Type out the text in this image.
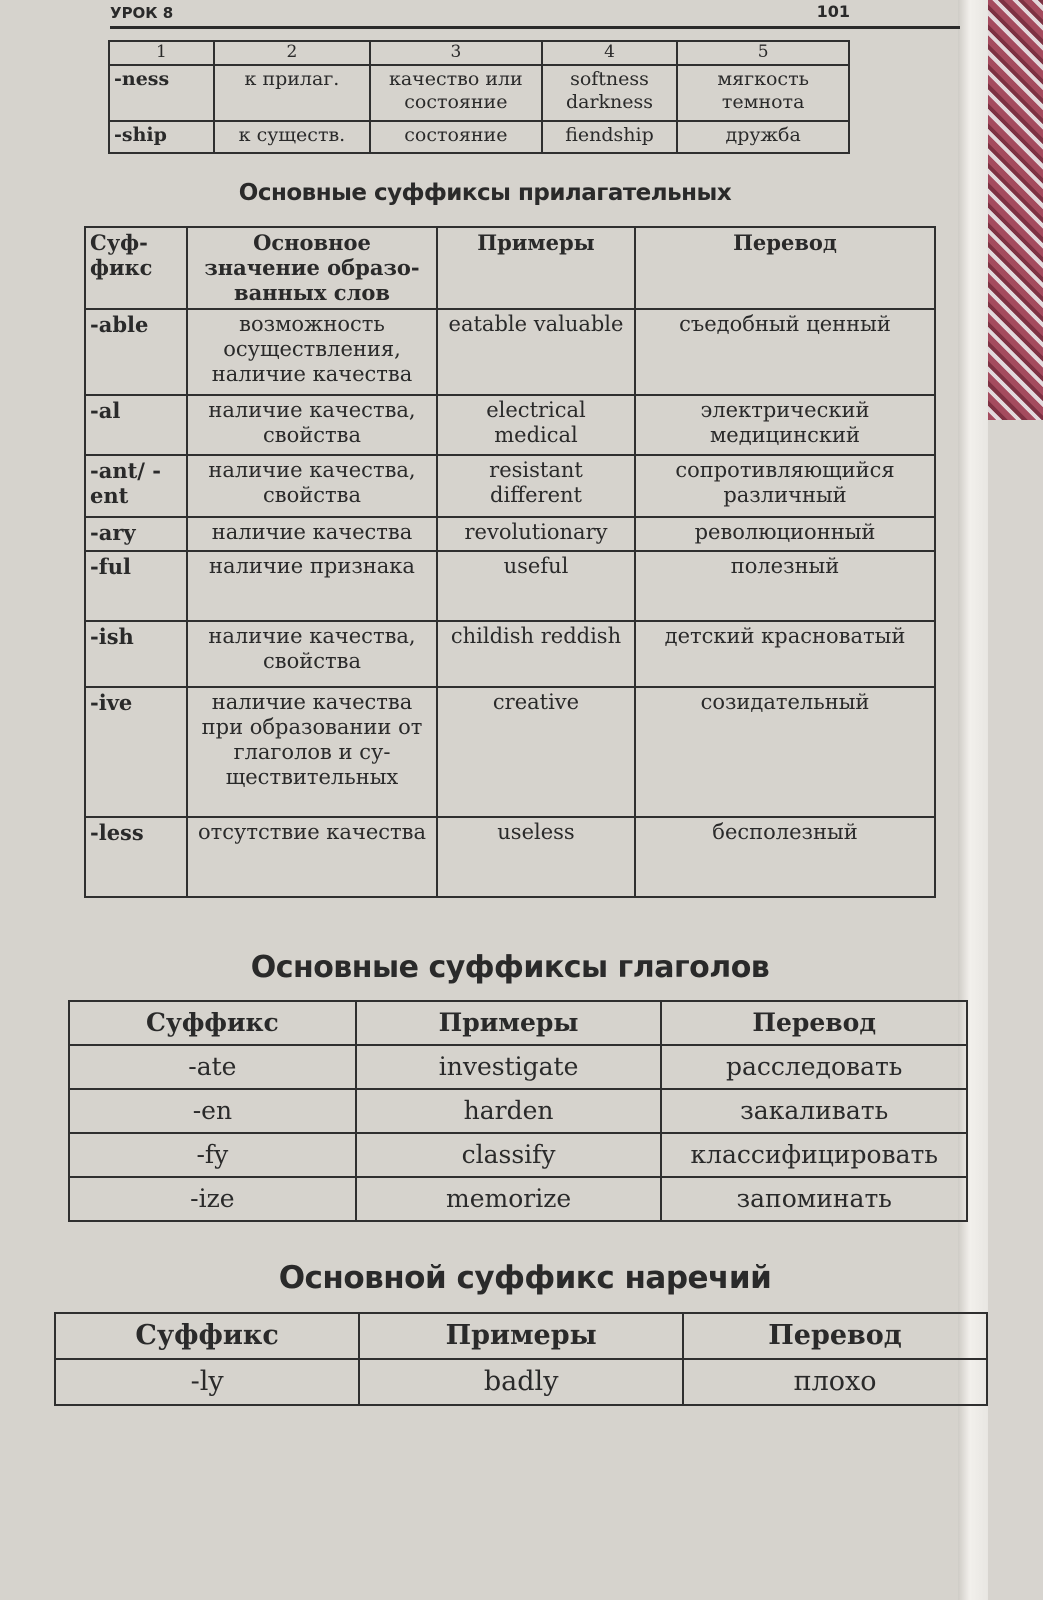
УРОК 8	101
1	2	3	4	5
-ness	к прилаг.	качество или состояние	softness darkness	мягкость темнота
-ship	к существ.	состояние	fiendship	дружба
Основные суффиксы прилагательных
Суф-фикс	Основное значение образо-ванных слов	Примеры	Перевод
-able	возможность осуществления, наличие качества	eatable valuable	съедобный ценный
-al	наличие качества, свойства	electrical medical	электрический медицинский
-ant/ -ent	наличие качества, свойства	resistant different	сопротивляющийся различный
-ary	наличие качества	revolutionary	революционный
-ful	наличие признака	useful	полезный
-ish	наличие качества, свойства	childish reddish	детский красноватый
-ive	наличие качества при образовании от глаголов и су-ществительных	creative	созидательный
-less	отсутствие качества	useless	бесполезный
Основные суффиксы глаголов
Суффикс	Примеры	Перевод
-ate	investigate	расследовать
-en	harden	закаливать
-fy	classify	классифицировать
-ize	memorize	запоминать
Основной суффикс наречий
Суффикс	Примеры	Перевод
-ly	badly	плохо
